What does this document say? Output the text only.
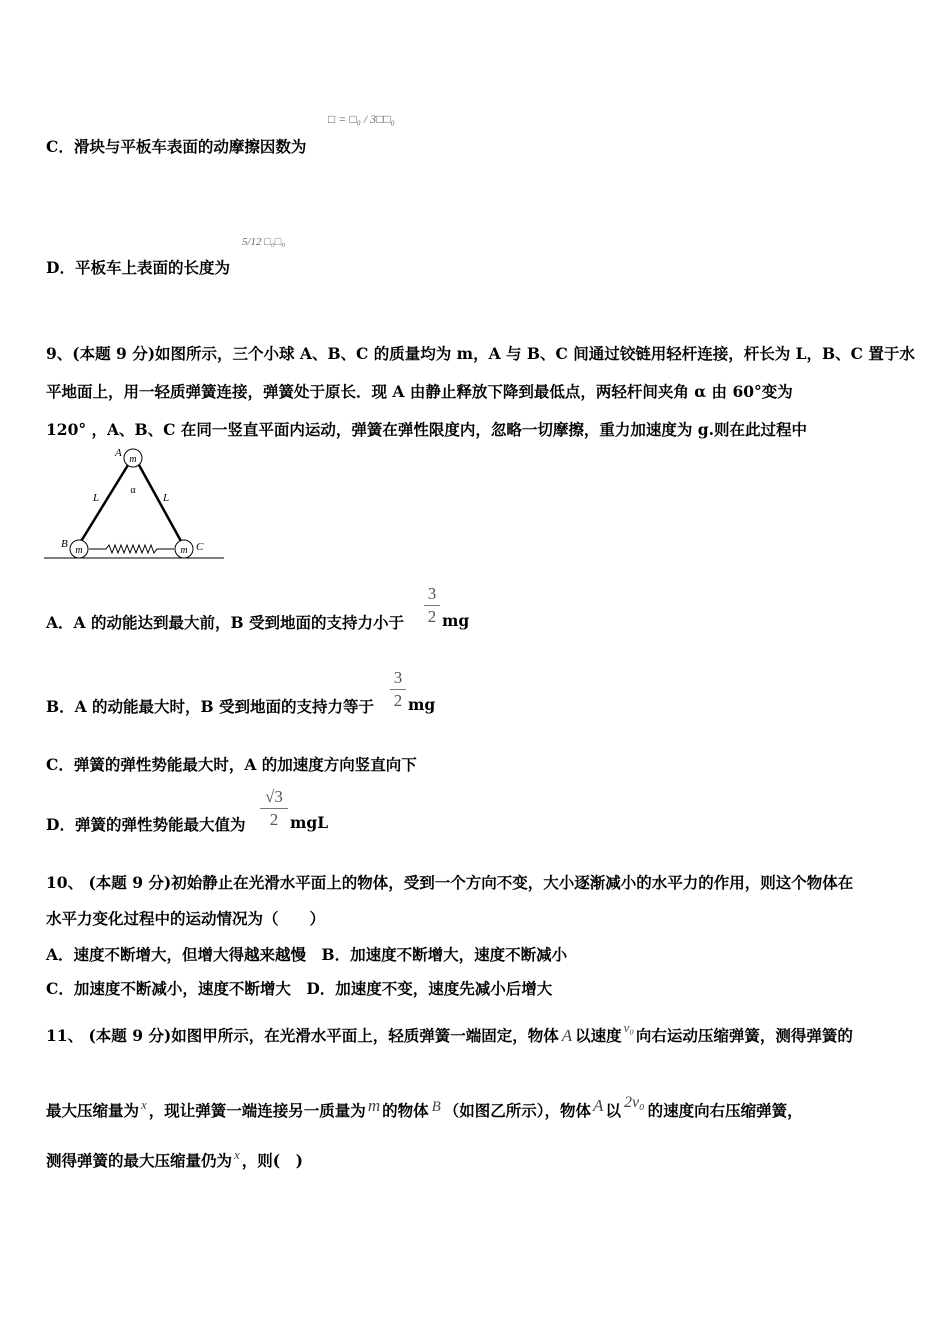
C．滑块与平板车表面的动摩擦因数为
□ = □₀ / 3□□₀
D．平板车上表面的长度为
5/12 □₀□₀
9、(本题 9 分)如图所示，三个小球 A、B、C 的质量均为 m，A 与 B、C 间通过铰链用轻杆连接，杆长为 L，B、C 置于水
平地面上，用一轻质弹簧连接，弹簧处于原长．现 A 由静止释放下降到最低点，两轻杆间夹角 α 由 60°变为
120° ，A、B、C 在同一竖直平面内运动，弹簧在弹性限度内，忽略一切摩擦，重力加速度为 g.则在此过程中
m
m	m
A
B	C
L	L
α
A．A 的动能达到最大前，B 受到地面的支持力小于
3
2 mg
B．A 的动能最大时，B 受到地面的支持力等于
3
2 mg
C．弹簧的弹性势能最大时，A 的加速度方向竖直向下
D．弹簧的弹性势能最大值为
√3
2 mgL
10、 (本题 9 分)初始静止在光滑水平面上的物体，受到一个方向不变，大小逐渐减小的水平力的作用，则这个物体在
水平力变化过程中的运动情况为（　　）
A．速度不断增大，但增大得越来越慢　B．加速度不断增大，速度不断减小
C．加速度不断减小，速度不断增大　D．加速度不变，速度先减小后增大
11、 (本题 9 分)如图甲所示，在光滑水平面上，轻质弹簧一端固定，物体 A 以速度 $^{v_0}$ 向右运动压缩弹簧，测得弹簧的
最大压缩量为 $^x$ ，现让弹簧一端连接另一质量为 m 的物体 B （如图乙所示），物体 A 以 2v₀ 的速度向右压缩弹簧，
测得弹簧的最大压缩量仍为 $^x$ ，则(　)
